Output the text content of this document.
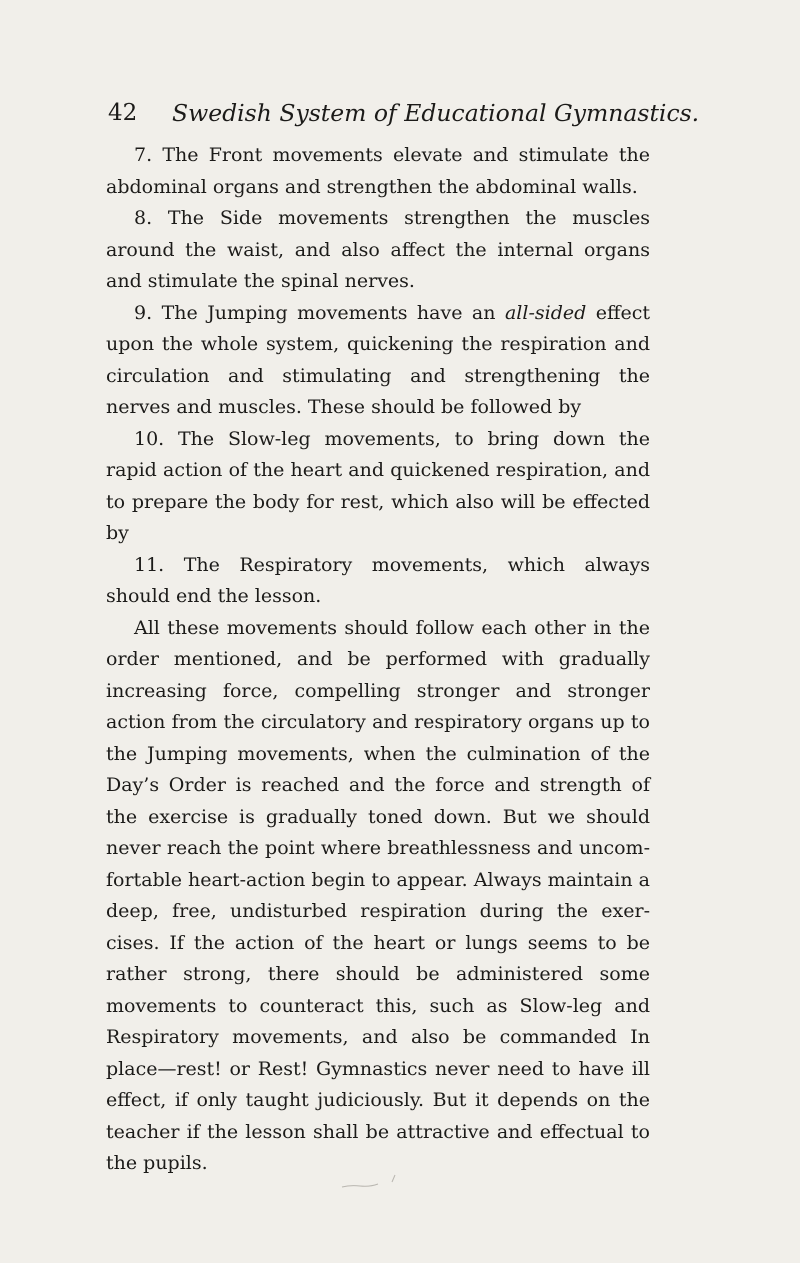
42 Swedish System of Educational Gymnastics.

7. The Front movements elevate and stimulate the abdominal organs and strengthen the abdominal walls.

8. The Side movements strengthen the muscles around the waist, and also affect the internal organs and stimulate the spinal nerves.

9. The Jumping movements have an all-sided effect upon the whole system, quickening the respiration and circulation and stimulating and strengthening the nerves and muscles. These should be followed by

10. The Slow-leg movements, to bring down the rapid action of the heart and quickened respiration, and to prepare the body for rest, which also will be effected by

11. The Respiratory movements, which always should end the lesson.

All these movements should follow each other in the order mentioned, and be performed with gradually increasing force, compelling stronger and stronger action from the circulatory and respiratory organs up to the Jumping movements, when the culmination of the Day’s Order is reached and the force and strength of the exercise is gradually toned down. But we should never reach the point where breathlessness and uncom-fortable heart-action begin to appear. Always maintain a deep, free, undisturbed respiration during the exer-cises. If the action of the heart or lungs seems to be rather strong, there should be administered some movements to counteract this, such as Slow-leg and Respiratory movements, and also be commanded In place—rest! or Rest! Gymnastics never need to have ill effect, if only taught judiciously. But it depends on the teacher if the lesson shall be attractive and effectual to the pupils.
